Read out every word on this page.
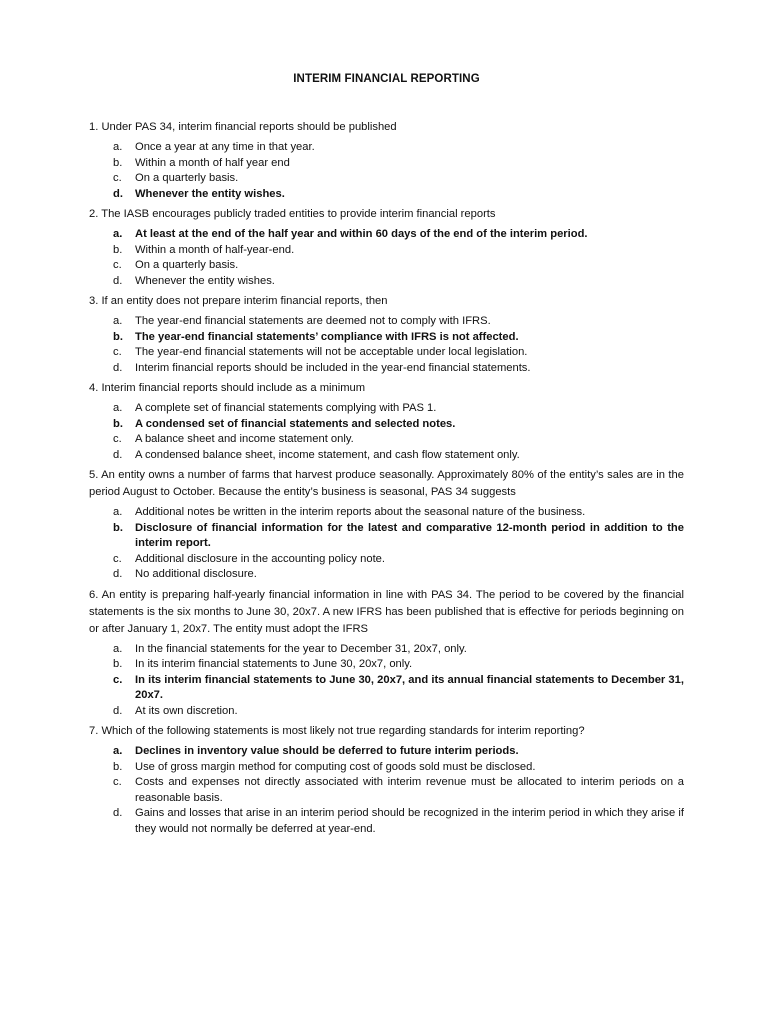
INTERIM FINANCIAL REPORTING
1. Under PAS 34, interim financial reports should be published
a. Once a year at any time in that year.
b. Within a month of half year end
c. On a quarterly basis.
d. Whenever the entity wishes.
2. The IASB encourages publicly traded entities to provide interim financial reports
a. At least at the end of the half year and within 60 days of the end of the interim period.
b. Within a month of half-year-end.
c. On a quarterly basis.
d. Whenever the entity wishes.
3. If an entity does not prepare interim financial reports, then
a. The year-end financial statements are deemed not to comply with IFRS.
b. The year-end financial statements’ compliance with IFRS is not affected.
c. The year-end financial statements will not be acceptable under local legislation.
d. Interim financial reports should be included in the year-end financial statements.
4. Interim financial reports should include as a minimum
a. A complete set of financial statements complying with PAS 1.
b. A condensed set of financial statements and selected notes.
c. A balance sheet and income statement only.
d. A condensed balance sheet, income statement, and cash flow statement only.
5. An entity owns a number of farms that harvest produce seasonally. Approximately 80% of the entity’s sales are in the period August to October. Because the entity’s business is seasonal, PAS 34 suggests
a. Additional notes be written in the interim reports about the seasonal nature of the business.
b. Disclosure of financial information for the latest and comparative 12-month period in addition to the interim report.
c. Additional disclosure in the accounting policy note.
d. No additional disclosure.
6. An entity is preparing half-yearly financial information in line with PAS 34. The period to be covered by the financial statements is the six months to June 30, 20x7. A new IFRS has been published that is effective for periods beginning on or after January 1, 20x7. The entity must adopt the IFRS
a. In the financial statements for the year to December 31, 20x7, only.
b. In its interim financial statements to June 30, 20x7, only.
c. In its interim financial statements to June 30, 20x7, and its annual financial statements to December 31, 20x7.
d. At its own discretion.
7. Which of the following statements is most likely not true regarding standards for interim reporting?
a. Declines in inventory value should be deferred to future interim periods.
b. Use of gross margin method for computing cost of goods sold must be disclosed.
c. Costs and expenses not directly associated with interim revenue must be allocated to interim periods on a reasonable basis.
d. Gains and losses that arise in an interim period should be recognized in the interim period in which they arise if they would not normally be deferred at year-end.
